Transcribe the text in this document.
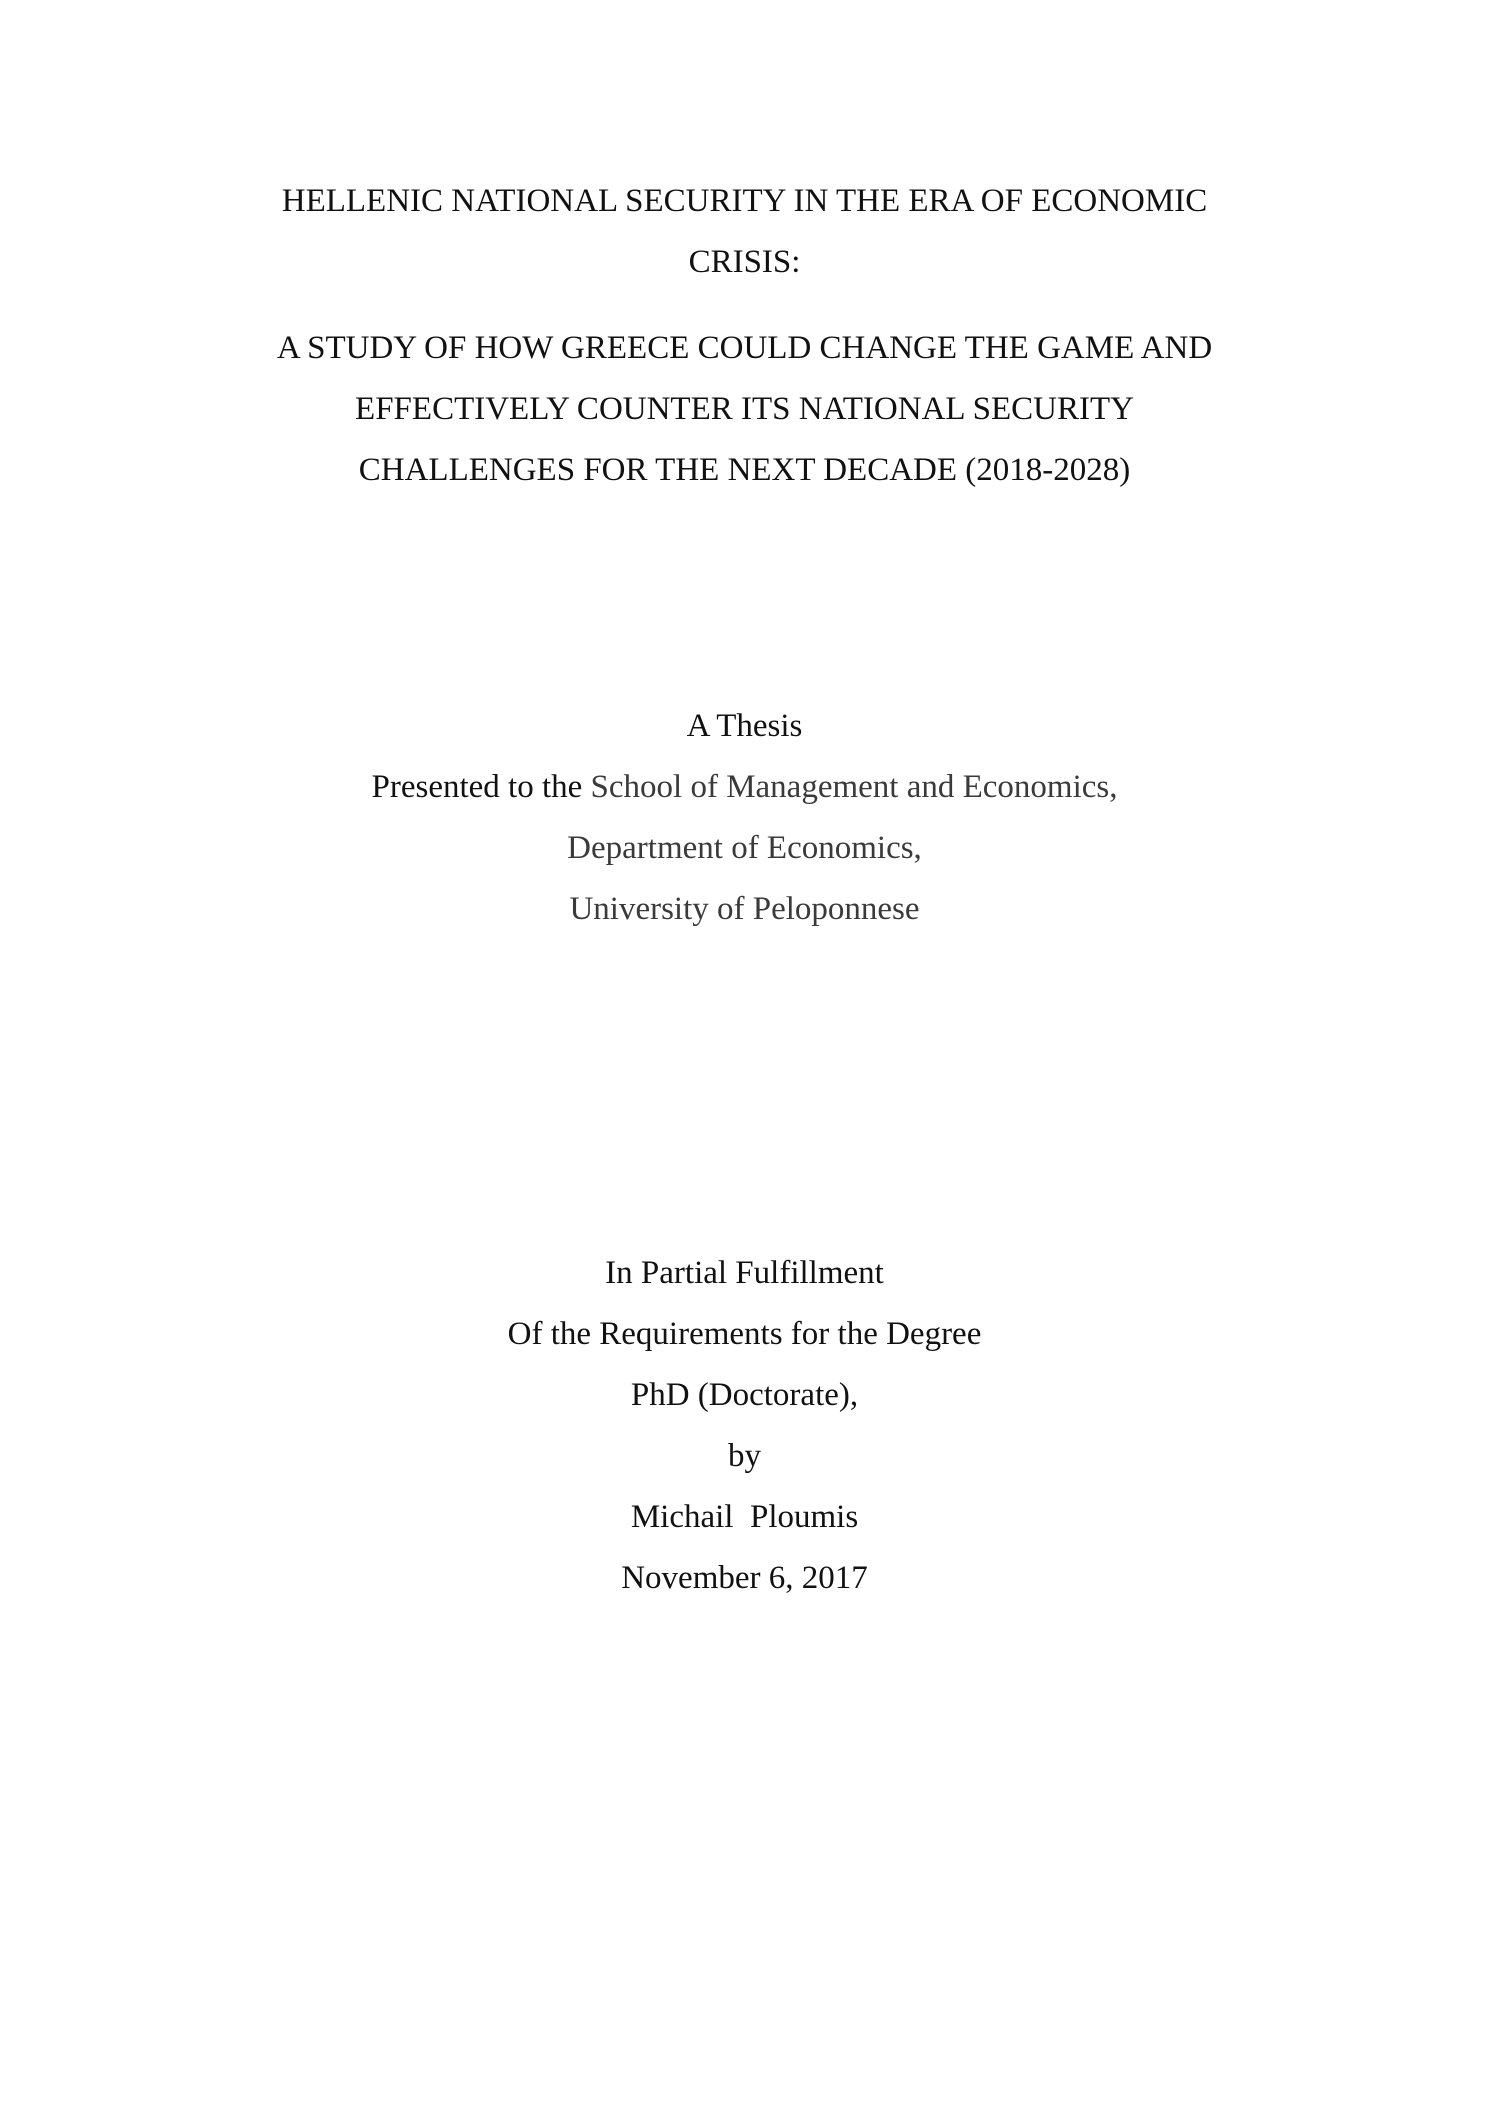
HELLENIC NATIONAL SECURITY IN THE ERA OF ECONOMIC
CRISIS:
A STUDY OF HOW GREECE COULD CHANGE THE GAME AND
EFFECTIVELY COUNTER ITS NATIONAL SECURITY
CHALLENGES FOR THE NEXT DECADE (2018-2028)
A Thesis
Presented to the School of Management and Economics,
Department of Economics,
University of Peloponnese
In Partial Fulfillment
Of the Requirements for the Degree
PhD (Doctorate),
by
Michail  Ploumis
November 6, 2017
